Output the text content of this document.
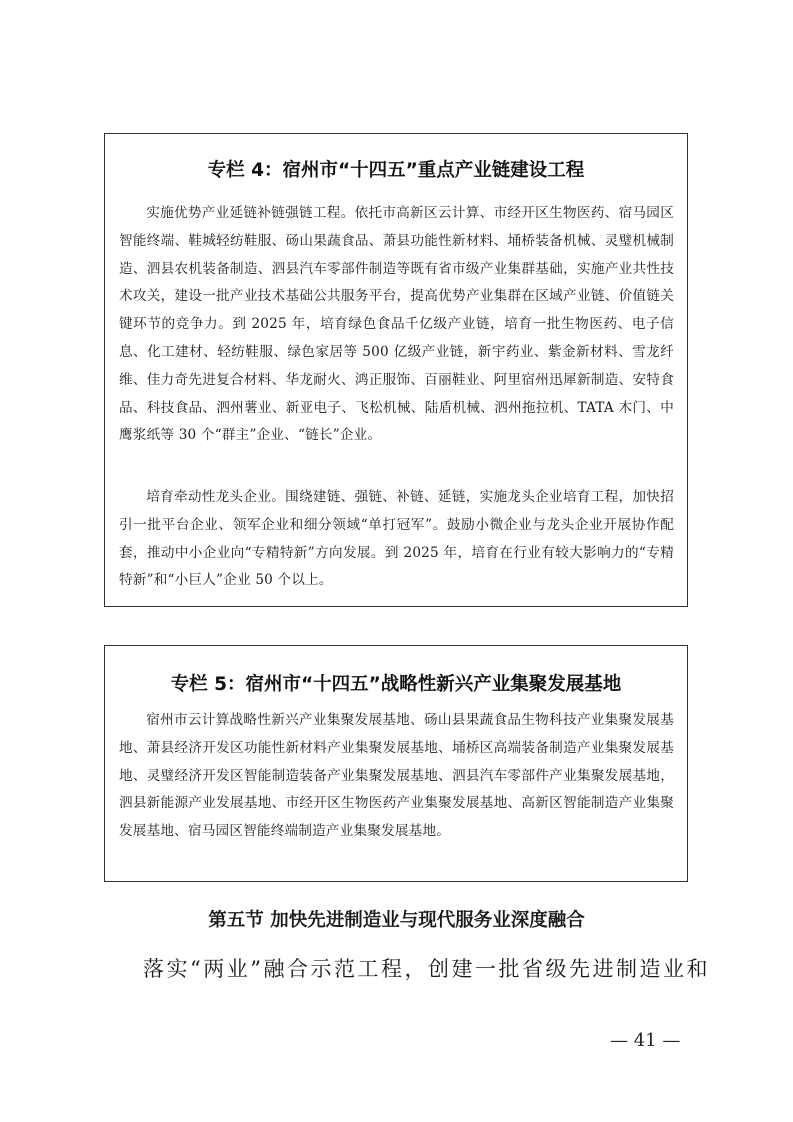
专栏 4：宿州市“十四五”重点产业链建设工程

实施优势产业延链补链强链工程。依托市高新区云计算、市经开区生物医药、宿马园区智能终端、鞋城轻纺鞋服、砀山果蔬食品、萧县功能性新材料、埇桥装备机械、灵璧机械制造、泗县农机装备制造、泗县汽车零部件制造等既有省市级产业集群基础，实施产业共性技术攻关，建设一批产业技术基础公共服务平台，提高优势产业集群在区域产业链、价值链关键环节的竞争力。到 2025 年，培育绿色食品千亿级产业链，培育一批生物医药、电子信息、化工建材、轻纺鞋服、绿色家居等 500 亿级产业链，新宇药业、紫金新材料、雪龙纤维、佳力奇先进复合材料、华龙耐火、鸿正服饰、百丽鞋业、阿里宿州迅犀新制造、安特食品、科技食品、泗州薯业、新亚电子、飞松机械、陆盾机械、泗州拖拉机、TATA 木门、中鹰浆纸等 30 个“群主”企业、“链长”企业。

培育牵动性龙头企业。围绕建链、强链、补链、延链，实施龙头企业培育工程，加快招引一批平台企业、领军企业和细分领域“单打冠军”。鼓励小微企业与龙头企业开展协作配套，推动中小企业向“专精特新”方向发展。到 2025 年，培育在行业有较大影响力的“专精特新”和“小巨人”企业 50 个以上。

专栏 5：宿州市“十四五”战略性新兴产业集聚发展基地

宿州市云计算战略性新兴产业集聚发展基地、砀山县果蔬食品生物科技产业集聚发展基地、萧县经济开发区功能性新材料产业集聚发展基地、埇桥区高端装备制造产业集聚发展基地、灵璧经济开发区智能制造装备产业集聚发展基地、泗县汽车零部件产业集聚发展基地，泗县新能源产业发展基地、市经开区生物医药产业集聚发展基地、高新区智能制造产业集聚发展基地、宿马园区智能终端制造产业集聚发展基地。

第五节 加快先进制造业与现代服务业深度融合

落实“两业”融合示范工程，创建一批省级先进制造业和

— 41 —
